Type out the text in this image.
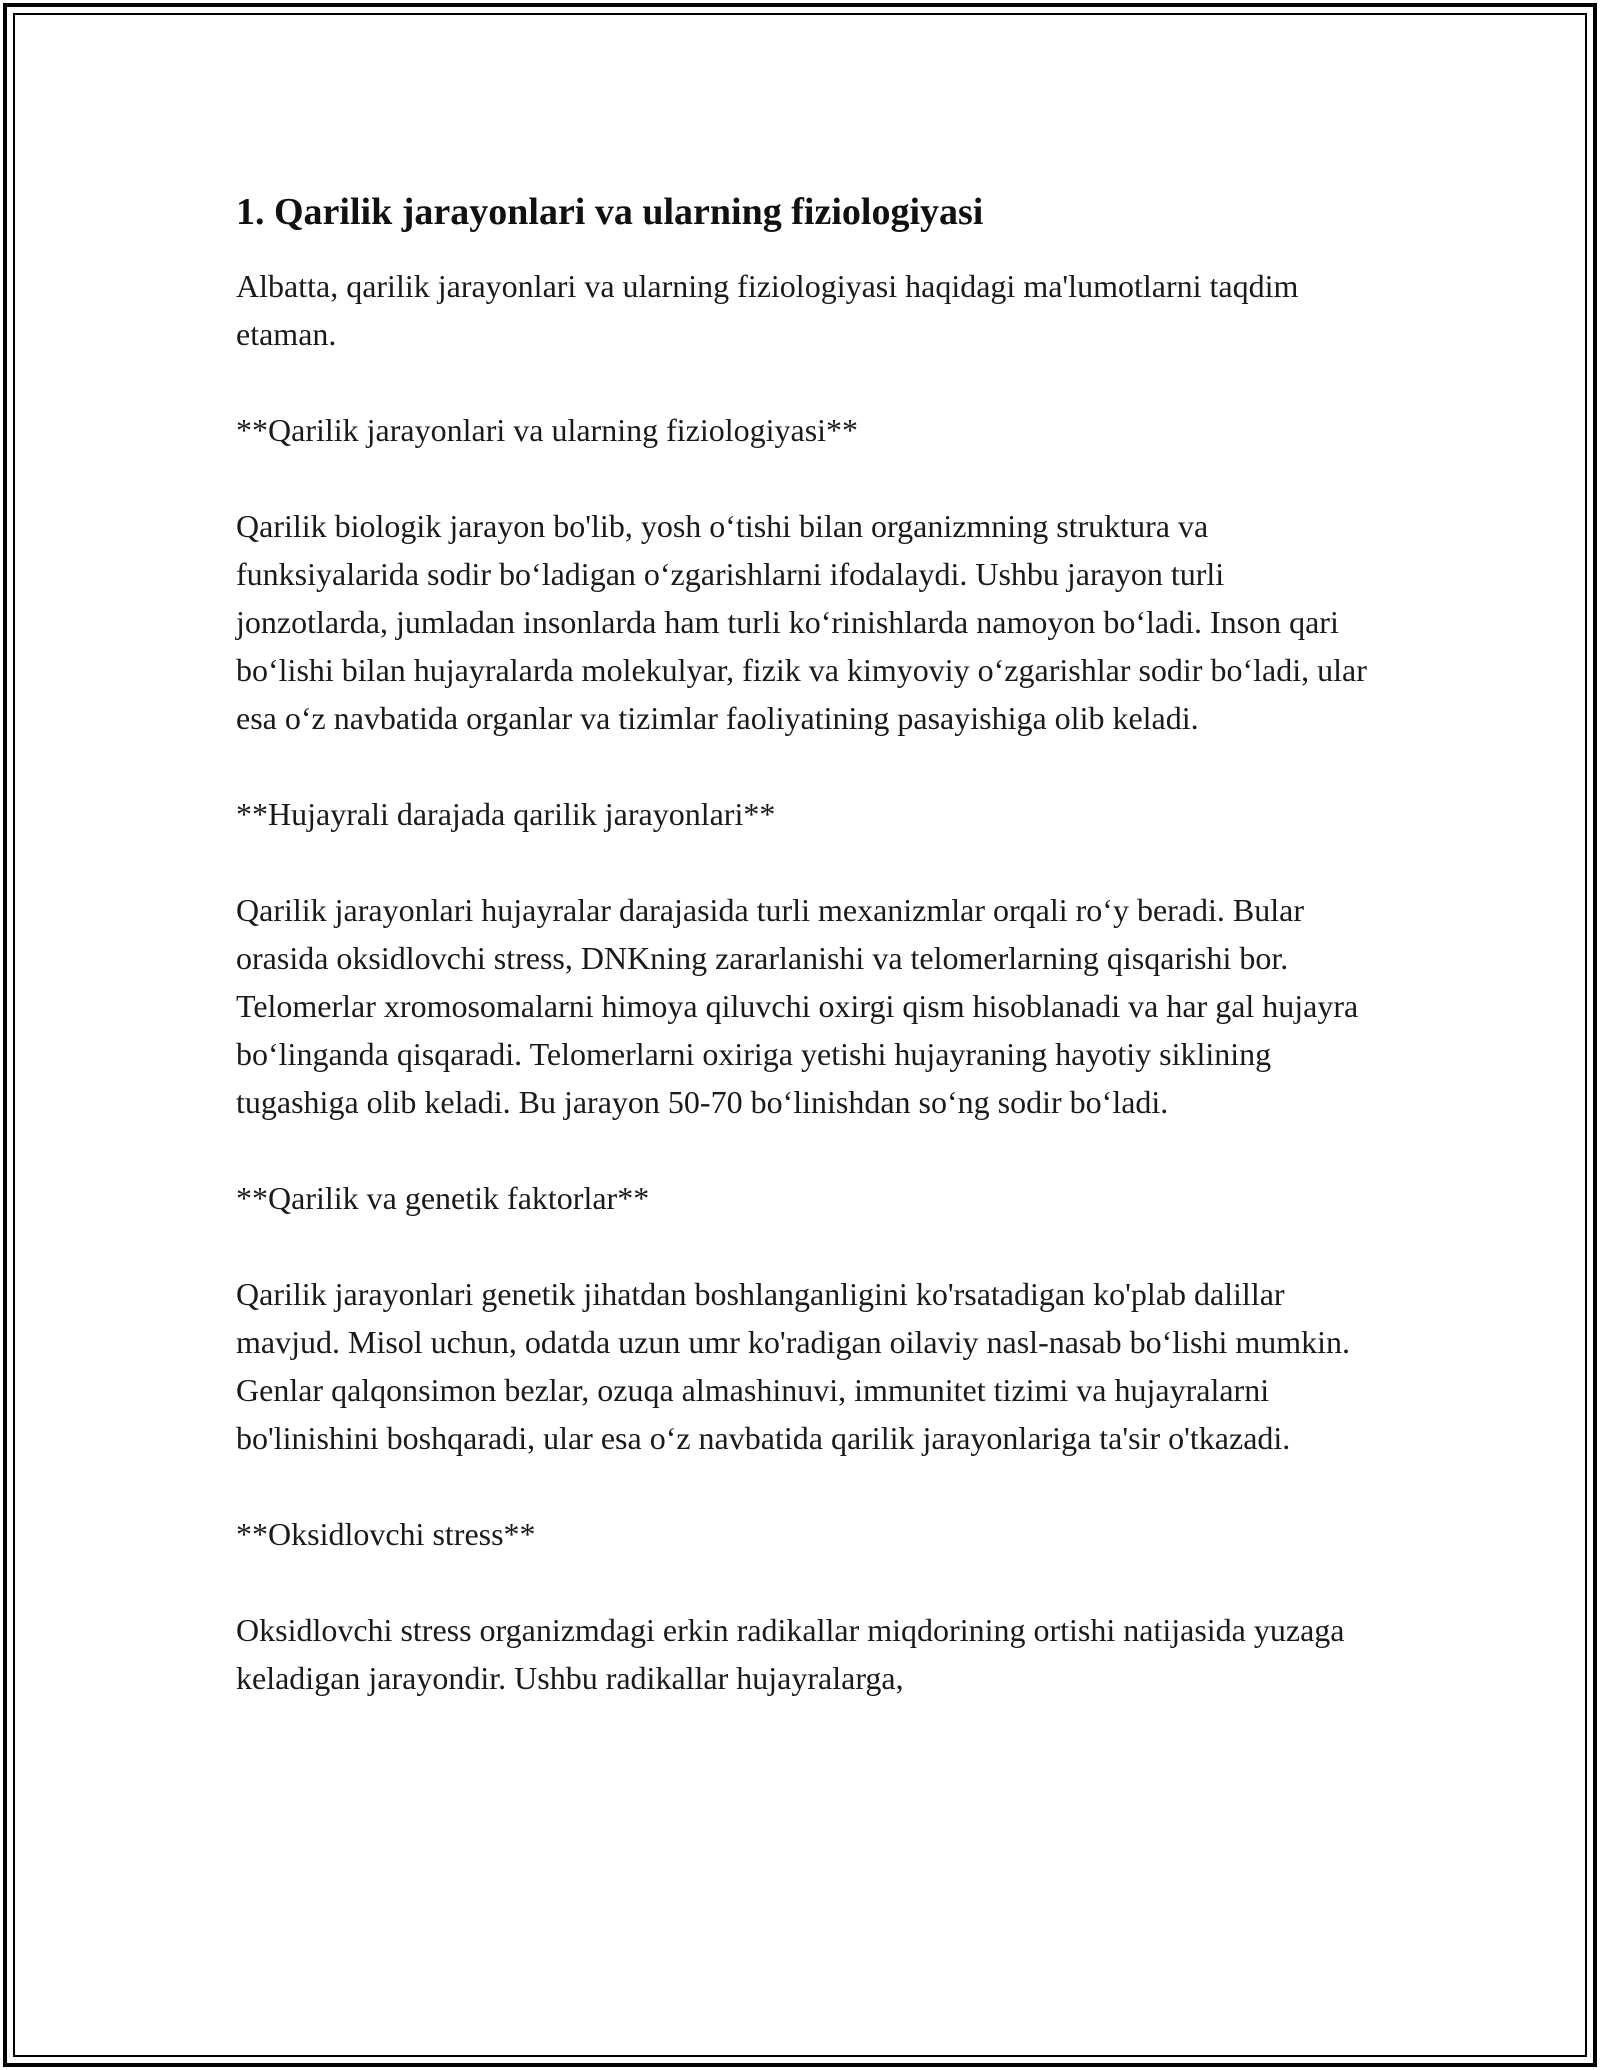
1. Qarilik jarayonlari va ularning fiziologiyasi

Albatta, qarilik jarayonlari va ularning fiziologiyasi haqidagi ma'lumotlarni taqdim etaman.

**Qarilik jarayonlari va ularning fiziologiyasi**

Qarilik biologik jarayon bo'lib, yosh oʻtishi bilan organizmning struktura va funksiyalarida sodir boʻladigan oʻzgarishlarni ifodalaydi. Ushbu jarayon turli jonzotlarda, jumladan insonlarda ham turli koʻrinishlarda namoyon boʻladi. Inson qari boʻlishi bilan hujayralarda molekulyar, fizik va kimyoviy oʻzgarishlar sodir boʻladi, ular esa oʻz navbatida organlar va tizimlar faoliyatining pasayishiga olib keladi.

**Hujayrali darajada qarilik jarayonlari**

Qarilik jarayonlari hujayralar darajasida turli mexanizmlar orqali roʻy beradi. Bular orasida oksidlovchi stress, DNKning zararlanishi va telomerlarning qisqarishi bor. Telomerlar xromosomalarni himoya qiluvchi oxirgi qism hisoblanadi va har gal hujayra boʻlinganda qisqaradi. Telomerlarni oxiriga yetishi hujayraning hayotiy siklining tugashiga olib keladi. Bu jarayon 50-70 boʻlinishdan soʻng sodir boʻladi.

**Qarilik va genetik faktorlar**

Qarilik jarayonlari genetik jihatdan boshlanganligini ko'rsatadigan ko'plab dalillar mavjud. Misol uchun, odatda uzun umr ko'radigan oilaviy nasl-nasab boʻlishi mumkin. Genlar qalqonsimon bezlar, ozuqa almashinuvi, immunitet tizimi va hujayralarni bo'linishini boshqaradi, ular esa oʻz navbatida qarilik jarayonlariga ta'sir o'tkazadi.

**Oksidlovchi stress**

Oksidlovchi stress organizmdagi erkin radikallar miqdorining ortishi natijasida yuzaga keladigan jarayondir. Ushbu radikallar hujayralarga,
